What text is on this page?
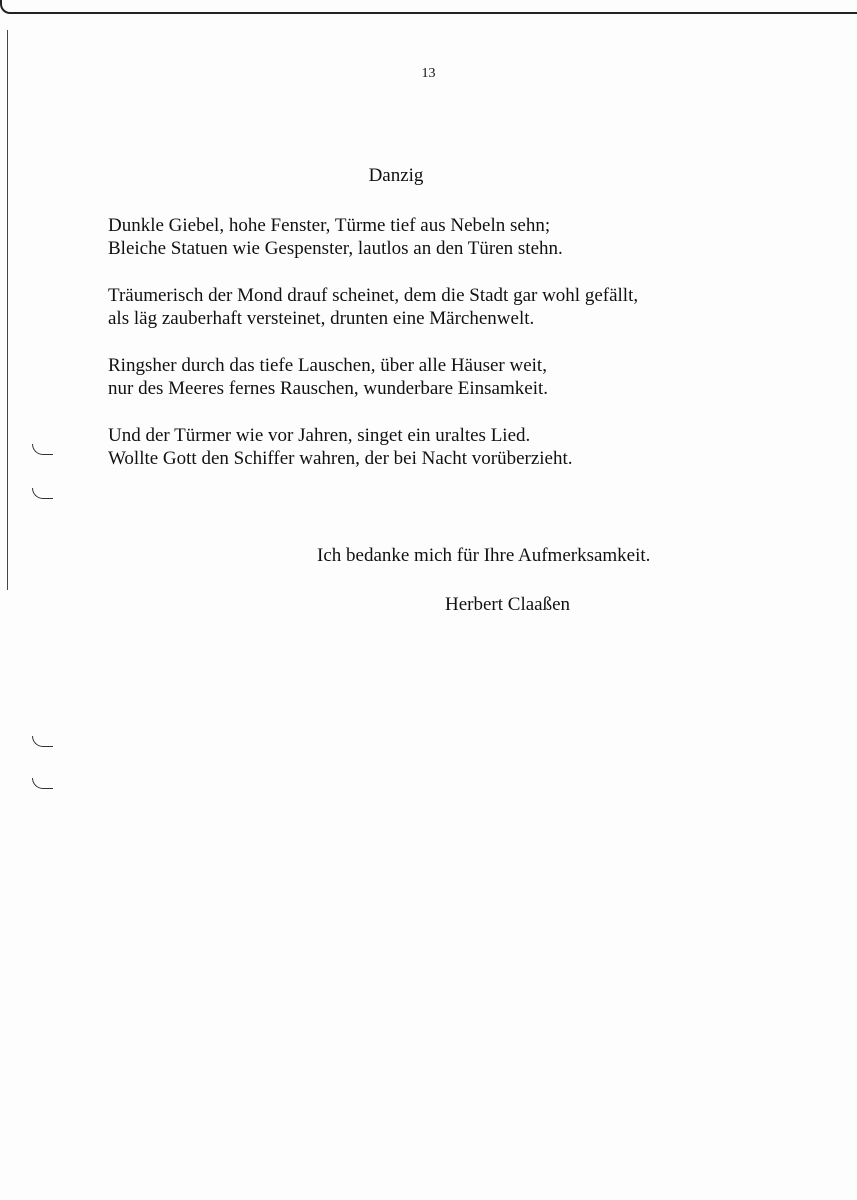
13
Danzig
Dunkle Giebel, hohe Fenster, Türme tief aus Nebeln sehn;
Bleiche Statuen wie Gespenster, lautlos an den Türen stehn.
Träumerisch der Mond drauf scheinet, dem die Stadt gar wohl gefällt,
als läg zauberhaft versteinet, drunten eine Märchenwelt.
Ringsher durch das tiefe Lauschen, über alle Häuser weit,
nur des Meeres fernes Rauschen, wunderbare Einsamkeit.
Und der Türmer wie vor Jahren, singet ein uraltes Lied.
Wollte Gott den Schiffer wahren, der bei Nacht vorüberzieht.
Ich bedanke mich für Ihre Aufmerksamkeit.
Herbert Claaßen
